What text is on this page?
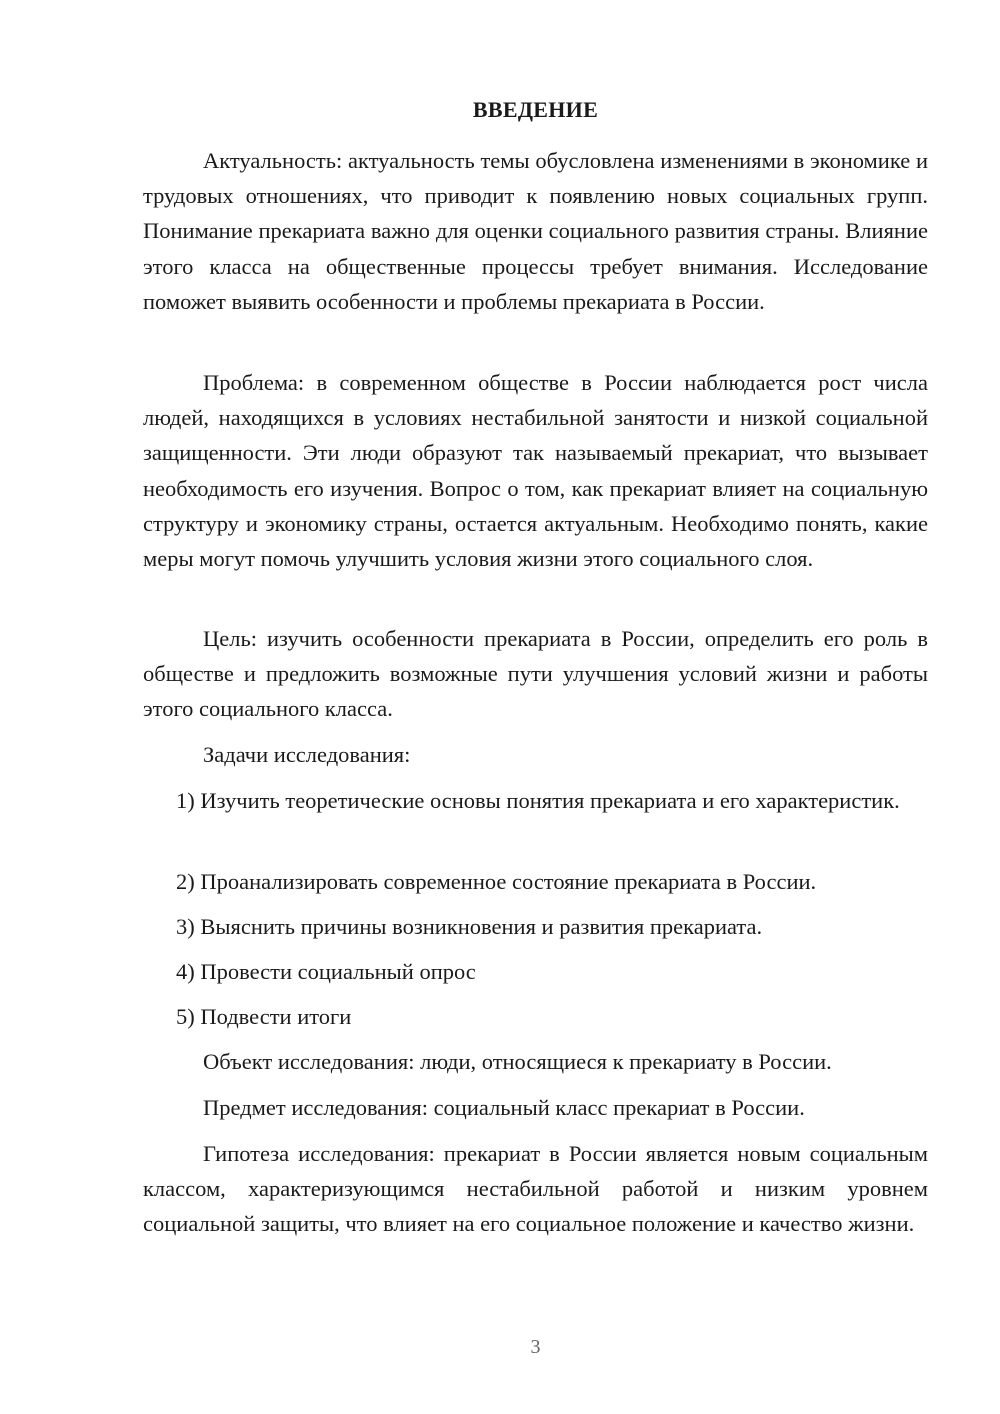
ВВЕДЕНИЕ

Актуальность: актуальность темы обусловлена изменениями в экономике и трудовых отношениях, что приводит к появлению новых социальных групп. Понимание прекариата важно для оценки социального развития страны. Влияние этого класса на общественные процессы требует внимания. Исследование поможет выявить особенности и проблемы прекариата в России.

Проблема: в современном обществе в России наблюдается рост числа людей, находящихся в условиях нестабильной занятости и низкой социальной защищенности. Эти люди образуют так называемый прекариат, что вызывает необходимость его изучения. Вопрос о том, как прекариат влияет на социальную структуру и экономику страны, остается актуальным. Необходимо понять, какие меры могут помочь улучшить условия жизни этого социального слоя.

Цель: изучить особенности прекариата в России, определить его роль в обществе и предложить возможные пути улучшения условий жизни и работы этого социального класса.

Задачи исследования:

1) Изучить теоретические основы понятия прекариата и его характеристик.

2) Проанализировать современное состояние прекариата в России.

3) Выяснить причины возникновения и развития прекариата.

4) Провести социальный опрос

5) Подвести итоги

Объект исследования: люди, относящиеся к прекариату в России.

Предмет исследования: социальный класс прекариат в России.

Гипотеза исследования: прекариат в России является новым социальным классом, характеризующимся нестабильной работой и низким уровнем социальной защиты, что влияет на его социальное положение и качество жизни.

3
